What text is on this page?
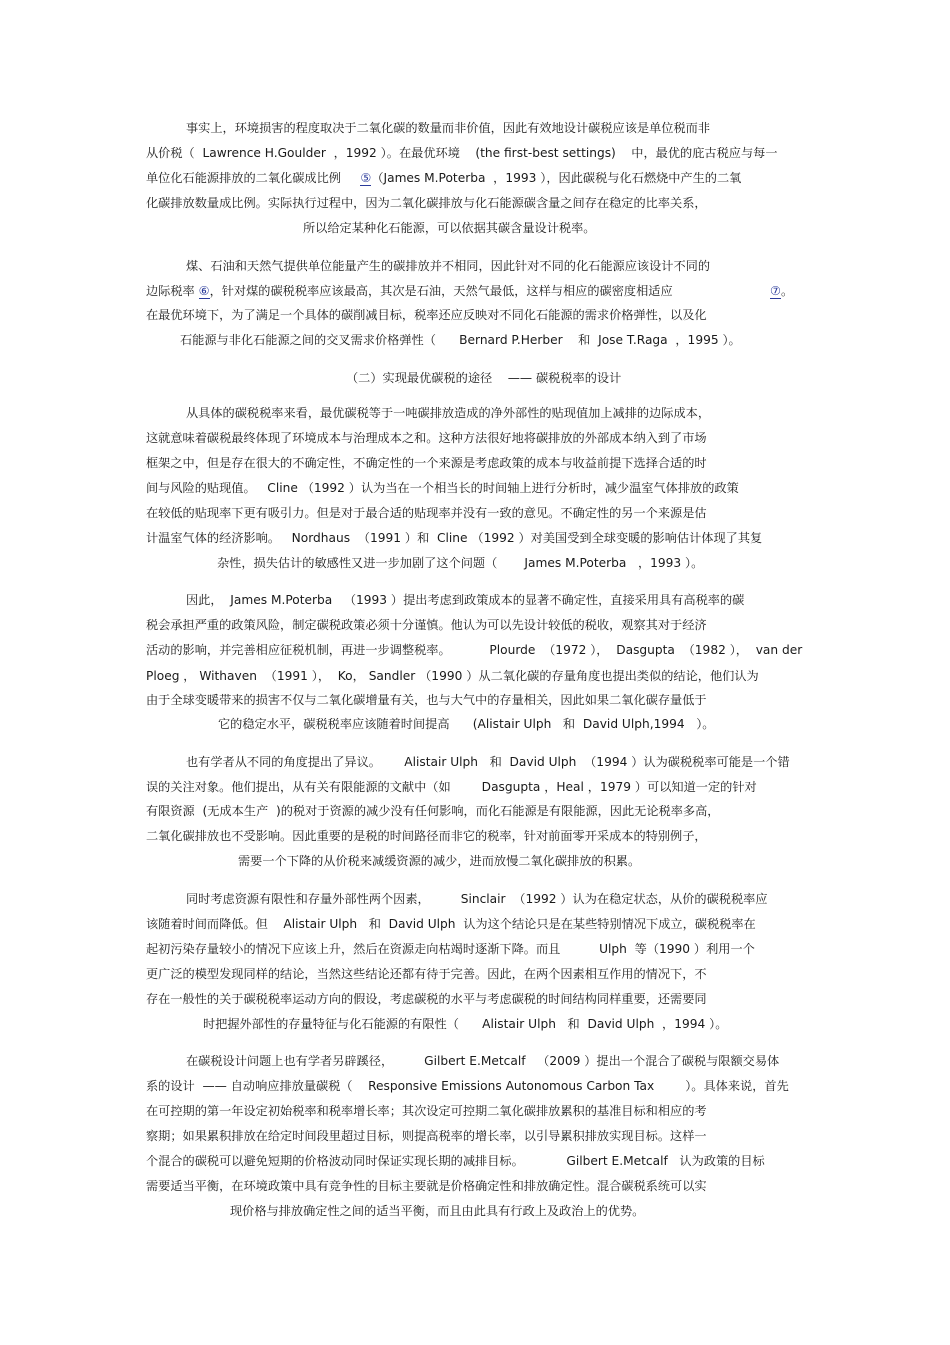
事实上，环境损害的程度取决于二氧化碳的数量而非价值，因此有效地设计碳税应该是单位税而非
从价税（  Lawrence H.Goulder  ，1992 ）。在最优环境    (the first-best settings)    中，最优的庇古税应与每一
单位化石能源排放的二氧化碳成比例     ⑤（James M.Poterba  ，1993 ），因此碳税与化石燃烧中产生的二氧
化碳排放数量成比例。实际执行过程中，因为二氧化碳排放与化石能源碳含量之间存在稳定的比率关系，
所以给定某种化石能源，可以依据其碳含量设计税率。
煤、石油和天然气提供单位能量产生的碳排放并不相同，因此针对不同的化石能源应该设计不同的
边际税率 ⑥，针对煤的碳税税率应该最高，其次是石油，天然气最低，这样与相应的碳密度相适应	⑦。
在最优环境下，为了满足一个具体的碳削减目标，税率还应反映对不同化石能源的需求价格弹性，以及化
石能源与非化石能源之间的交叉需求价格弹性（      Bernard P.Herber    和  Jose T.Raga  ，1995 ）。
（二）实现最优碳税的途径    —— 碳税税率的设计
从具体的碳税税率来看，最优碳税等于一吨碳排放造成的净外部性的贴现值加上减排的边际成本，
这就意味着碳税最终体现了环境成本与治理成本之和。这种方法很好地将碳排放的外部成本纳入到了市场
框架之中，但是存在很大的不确定性，不确定性的一个来源是考虑政策的成本与收益前提下选择合适的时
间与风险的贴现值。   Cline （1992 ）认为当在一个相当长的时间轴上进行分析时，减少温室气体排放的政策
在较低的贴现率下更有吸引力。但是对于最合适的贴现率并没有一致的意见。不确定性的另一个来源是估
计温室气体的经济影响。   Nordhaus  （1991 ）和  Cline （1992 ）对美国受到全球变暖的影响估计体现了其复
杂性，损失估计的敏感性又进一步加剧了这个问题（       James M.Poterba   ，1993 ）。
因此，  James M.Poterba   （1993 ）提出考虑到政策成本的显著不确定性，直接采用具有高税率的碳
税会承担严重的政策风险，制定碳税政策必须十分谨慎。他认为可以先设计较低的税收，观察其对于经济
活动的影响，并完善相应征税机制，再进一步调整税率。          Plourde  （1972 ），  Dasgupta  （1982 ），  van der
Ploeg ， Withaven  （1991 ），  Ko， Sandler （1990 ）从二氧化碳的存量角度也提出类似的结论，他们认为
由于全球变暖带来的损害不仅与二氧化碳增量有关，也与大气中的存量相关，因此如果二氧化碳存量低于
它的稳定水平，碳税税率应该随着时间提高      (Alistair Ulph   和  David Ulph,1994   ）。
也有学者从不同的角度提出了异议。      Alistair Ulph   和  David Ulph  （1994 ）认为碳税税率可能是一个错
误的关注对象。他们提出，从有关有限能源的文献中（如        Dasgupta ，Heal ，1979 ）可以知道一定的针对
有限资源  (无成本生产  )的税对于资源的减少没有任何影响，而化石能源是有限能源，因此无论税率多高，
二氧化碳排放也不受影响。因此重要的是税的时间路径而非它的税率，针对前面零开采成本的特别例子，
需要一个下降的从价税来减缓资源的减少，进而放慢二氧化碳排放的积累。
同时考虑资源有限性和存量外部性两个因素，        Sinclair  （1992 ）认为在稳定状态，从价的碳税税率应
该随着时间而降低。但    Alistair Ulph   和  David Ulph  认为这个结论只是在某些特别情况下成立，碳税税率在
起初污染存量较小的情况下应该上升，然后在资源走向枯竭时逐渐下降。而且          Ulph  等（1990 ）利用一个
更广泛的模型发现同样的结论，当然这些结论还都有待于完善。因此，在两个因素相互作用的情况下，不
存在一般性的关于碳税税率运动方向的假设，考虑碳税的水平与考虑碳税的时间结构同样重要，还需要同
时把握外部性的存量特征与化石能源的有限性（      Alistair Ulph   和  David Ulph  ，1994 ）。
在碳税设计问题上也有学者另辟蹊径，        Gilbert E.Metcalf   （2009 ）提出一个混合了碳税与限额交易体
系的设计  —— 自动响应排放量碳税（    Responsive Emissions Autonomous Carbon Tax        ）。具体来说，首先
在可控期的第一年设定初始税率和税率增长率；其次设定可控期二氧化碳排放累积的基准目标和相应的考
察期；如果累积排放在给定时间段里超过目标，则提高税率的增长率，以引导累积排放实现目标。这样一
个混合的碳税可以避免短期的价格波动同时保证实现长期的减排目标。           Gilbert E.Metcalf   认为政策的目标
需要适当平衡，在环境政策中具有竞争性的目标主要就是价格确定性和排放确定性。混合碳税系统可以实
现价格与排放确定性之间的适当平衡，而且由此具有行政上及政治上的优势。
